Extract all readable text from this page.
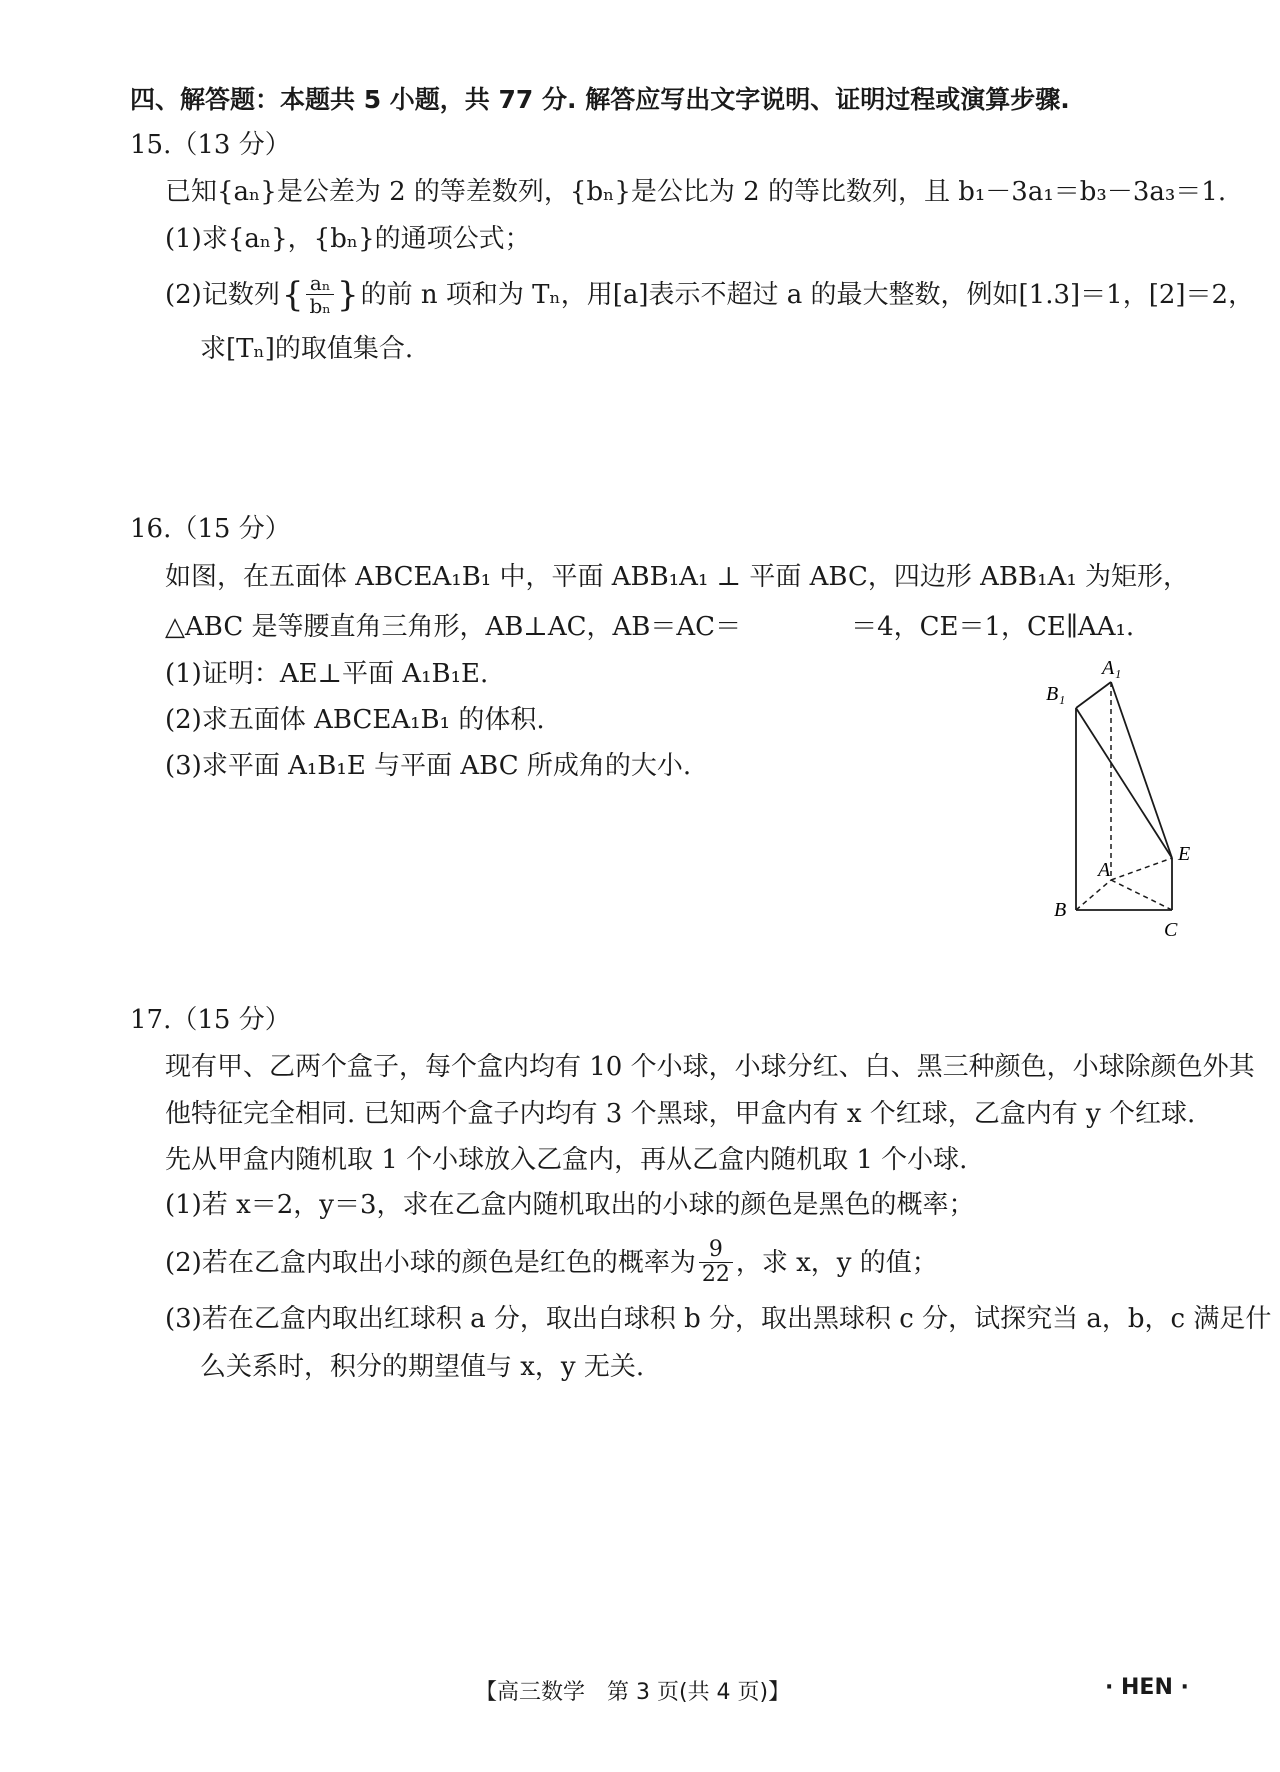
四、解答题：本题共 5 小题，共 77 分. 解答应写出文字说明、证明过程或演算步骤.
15.（13 分）
已知{aₙ}是公差为 2 的等差数列，{bₙ}是公比为 2 的等比数列，且 b₁－3a₁＝b₃－3a₃＝1.
(1)求{aₙ}，{bₙ}的通项公式；
(2)记数列 { $\frac{\text{aₙ}}{\text{bₙ}}$ } 的前 n 项和为 Tₙ，用[a]表示不超过 a 的最大整数，例如[1.3]＝1，[2]＝2，
求[Tₙ]的取值集合.
16.（15 分）
如图，在五面体 ABCEA₁B₁ 中，平面 ABB₁A₁ ⊥ 平面 ABC，四边形 ABB₁A₁ 为矩形，
△ABC 是等腰直角三角形，AB⊥AC，AB＝AC＝	＝4，CE＝1，CE∥AA₁.
(1)证明：AE⊥平面 A₁B₁E.
(2)求五面体 ABCEA₁B₁ 的体积.
(3)求平面 A₁B₁E 与平面 ABC 所成角的大小.
A₁
B₁
A
E
B
C
17.（15 分）
现有甲、乙两个盒子，每个盒内均有 10 个小球，小球分红、白、黑三种颜色，小球除颜色外其
他特征完全相同. 已知两个盒子内均有 3 个黑球，甲盒内有 x 个红球，乙盒内有 y 个红球.
先从甲盒内随机取 1 个小球放入乙盒内，再从乙盒内随机取 1 个小球.
(1)若 x＝2，y＝3，求在乙盒内随机取出的小球的颜色是黑色的概率；
(2)若在乙盒内取出小球的颜色是红色的概率为 $\frac{9}{22}$ ，求 x，y 的值；
(3)若在乙盒内取出红球积 a 分，取出白球积 b 分，取出黑球积 c 分，试探究当 a，b，c 满足什
么关系时，积分的期望值与 x，y 无关.
【高三数学　第 3 页(共 4 页)】	· HEN ·
